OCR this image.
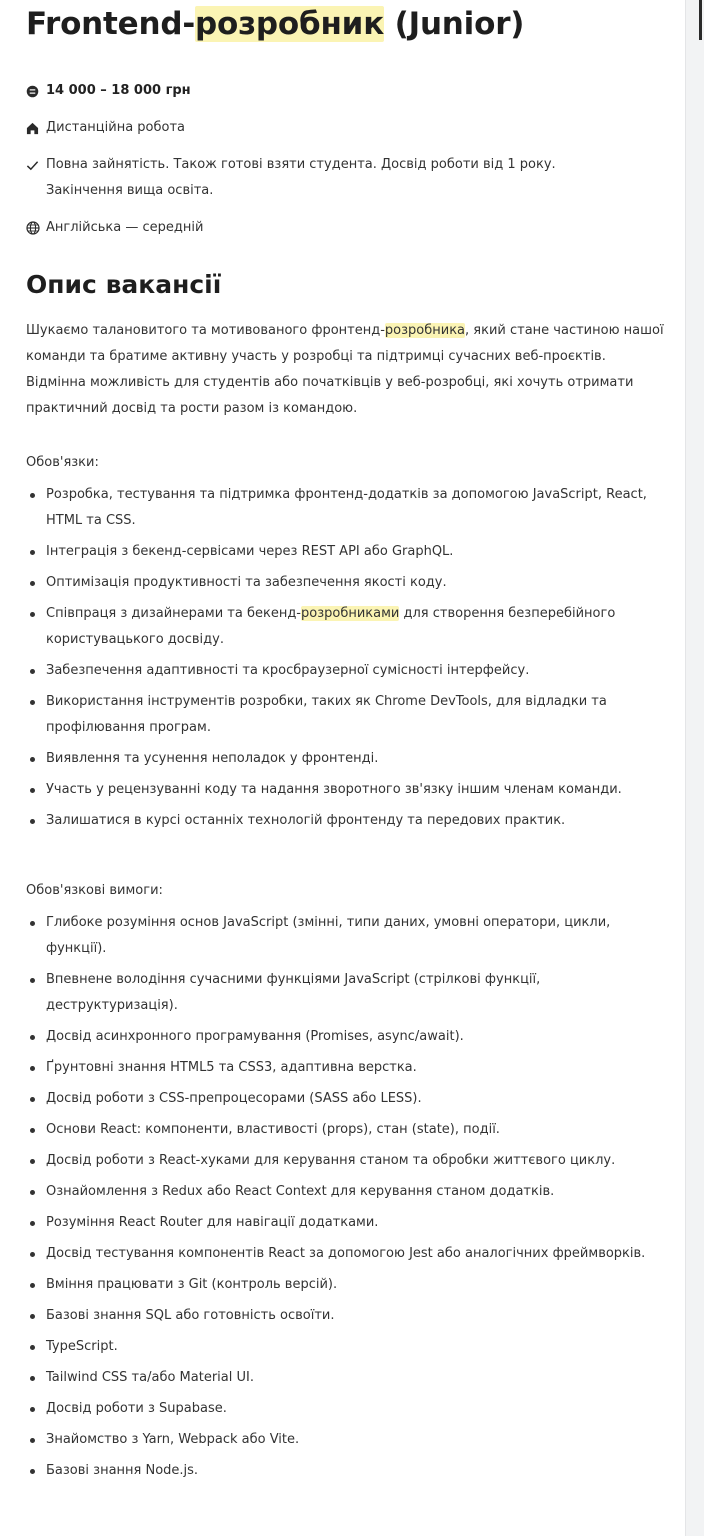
Frontend-розробник (Junior)
14 000 – 18 000 грн
Дистанційна робота
Повна зайнятість. Також готові взяти студента. Досвід роботи від 1 року.
Закінчення вища освіта.
Англійська — середній
Опис вакансії
Шукаємо талановитого та мотивованого фронтенд-розробника, який стане частиною нашої команди та братиме активну участь у розробці та підтримці сучасних веб-проєктів. Відмінна можливість для студентів або початківців у веб-розробці, які хочуть отримати практичний досвід та рости разом із командою.
Обов'язки:
Розробка, тестування та підтримка фронтенд-додатків за допомогою JavaScript, React, HTML та CSS.
Інтеграція з бекенд-сервісами через REST API або GraphQL.
Оптимізація продуктивності та забезпечення якості коду.
Співпраця з дизайнерами та бекенд-розробниками для створення безперебійного користувацького досвіду.
Забезпечення адаптивності та кросбраузерної сумісності інтерфейсу.
Використання інструментів розробки, таких як Chrome DevTools, для відладки та профілювання програм.
Виявлення та усунення неполадок у фронтенді.
Участь у рецензуванні коду та надання зворотного зв'язку іншим членам команди.
Залишатися в курсі останніх технологій фронтенду та передових практик.
Обов'язкові вимоги:
Глибоке розуміння основ JavaScript (змінні, типи даних, умовні оператори, цикли, функції).
Впевнене володіння сучасними функціями JavaScript (стрілкові функції, деструктуризація).
Досвід асинхронного програмування (Promises, async/await).
Ґрунтовні знання HTML5 та CSS3, адаптивна верстка.
Досвід роботи з CSS-препроцесорами (SASS або LESS).
Основи React: компоненти, властивості (props), стан (state), події.
Досвід роботи з React-хуками для керування станом та обробки життєвого циклу.
Ознайомлення з Redux або React Context для керування станом додатків.
Розуміння React Router для навігації додатками.
Досвід тестування компонентів React за допомогою Jest або аналогічних фреймворків.
Вміння працювати з Git (контроль версій).
Базові знання SQL або готовність освоїти.
TypeScript.
Tailwind CSS та/або Material UI.
Досвід роботи з Supabase.
Знайомство з Yarn, Webpack або Vite.
Базові знання Node.js.
